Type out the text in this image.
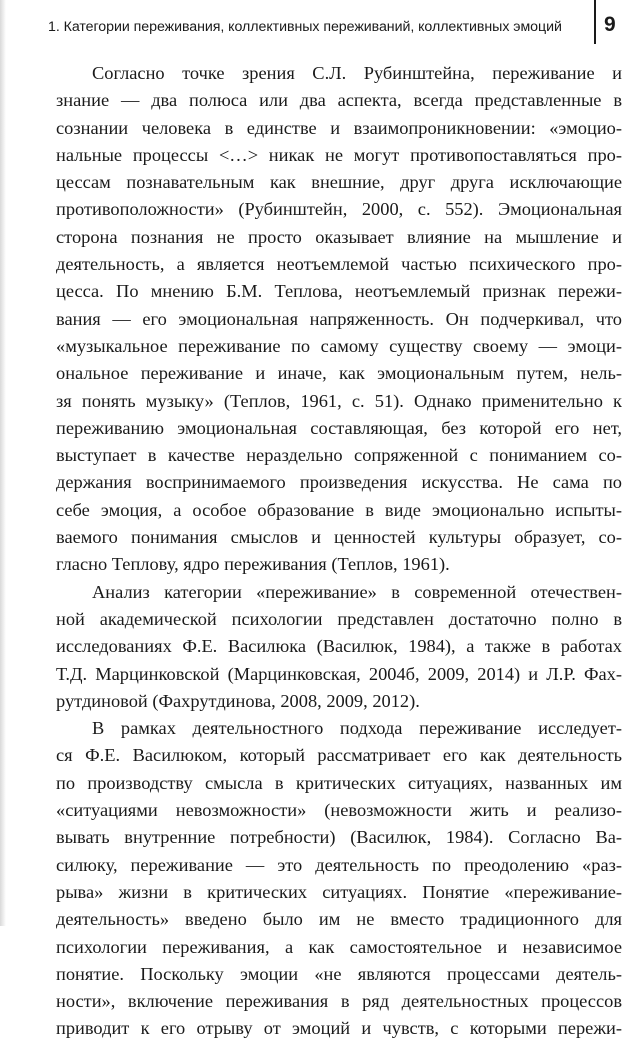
1. Категории переживания, коллективных переживаний, коллективных эмоций 9
Согласно точке зрения С.Л. Рубинштейна, переживание и
знание — два полюса или два аспекта, всегда представленные в
сознании человека в единстве и взаимопроникновении: «эмоцио-
нальные процессы <…> никак не могут противопоставляться про-
цессам познавательным как внешние, друг друга исключающие
противоположности» (Рубинштейн, 2000, с. 552). Эмоциональная
сторона познания не просто оказывает влияние на мышление и
деятельность, а является неотъемлемой частью психического про-
цесса. По мнению Б.М. Теплова, неотъемлемый признак пережи-
вания — его эмоциональная напряженность. Он подчеркивал, что
«музыкальное переживание по самому существу своему — эмоци-
ональное переживание и иначе, как эмоциональным путем, нель-
зя понять музыку» (Теплов, 1961, с. 51). Однако применительно к
переживанию эмоциональная составляющая, без которой его нет,
выступает в качестве нераздельно сопряженной с пониманием со-
держания воспринимаемого произведения искусства. Не сама по
себе эмоция, а особое образование в виде эмоционально испыты-
ваемого понимания смыслов и ценностей культуры образует, со-
гласно Теплову, ядро переживания (Теплов, 1961).
Анализ категории «переживание» в современной отечествен-
ной академической психологии представлен достаточно полно в
исследованиях Ф.Е. Василюка (Василюк, 1984), а также в работах
Т.Д. Марцинковской (Марцинковская, 2004б, 2009, 2014) и Л.Р. Фах-
рутдиновой (Фахрутдинова, 2008, 2009, 2012).
В рамках деятельностного подхода переживание исследует-
ся Ф.Е. Василюком, который рассматривает его как деятельность
по производству смысла в критических ситуациях, названных им
«ситуациями невозможности» (невозможности жить и реализо-
вывать внутренние потребности) (Василюк, 1984). Согласно Ва-
силюку, переживание — это деятельность по преодолению «раз-
рыва» жизни в критических ситуациях. Понятие «переживание-
деятельность» введено было им не вместо традиционного для
психологии переживания, а как самостоятельное и независимое
понятие. Поскольку эмоции «не являются процессами деятель-
ности», включение переживания в ряд деятельностных процессов
приводит к его отрыву от эмоций и чувств, с которыми пережи-
